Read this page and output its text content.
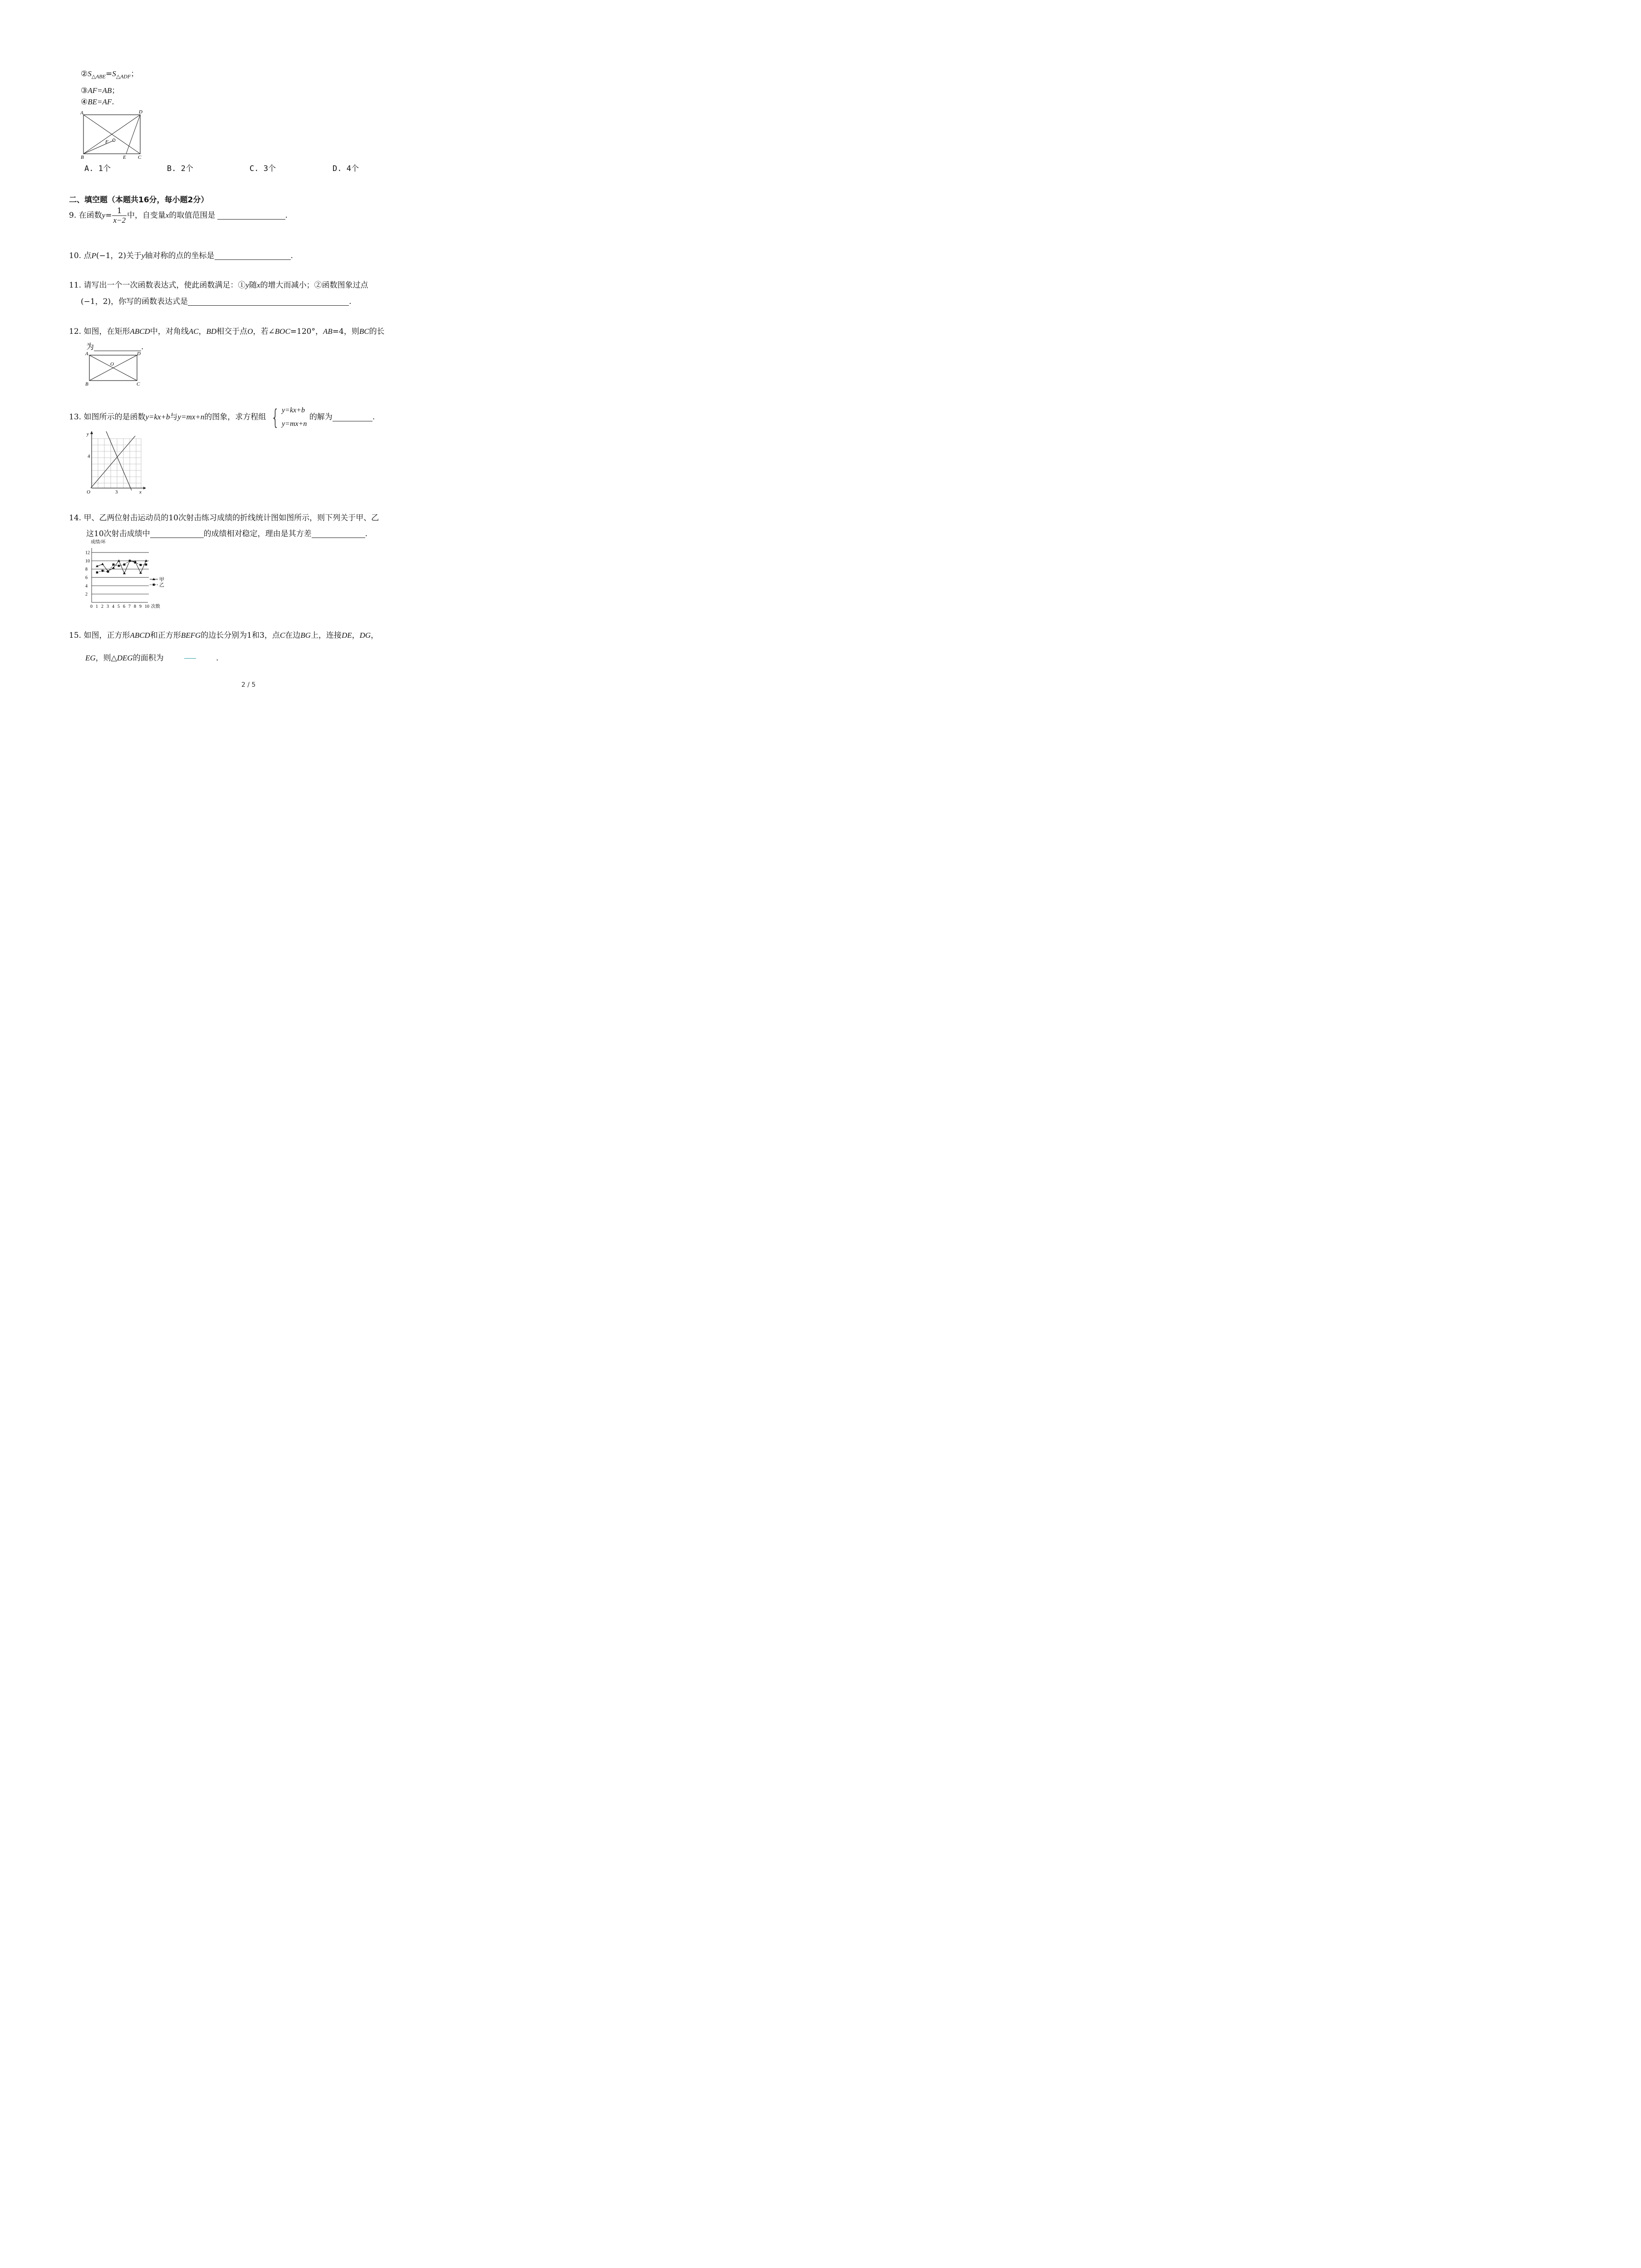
$②S_{\triangle ABE}=S_{\triangle ADF}$；
③AF=AB；
④BE=AF.
A	D
F
B	E C
A. 1个	B. 2个	C. 3个	D. 4个
二、填空题（本题共16分，每小题2分）
9. 在函数$y= \frac{1}{x-2}$ 中，自变量x的取值范围是	.
10. 点P(−1，2)关于y轴对称的点的坐标是	.
11. 请写出一个一次函数表达式，使此函数满足：①y随x的增大而减小；②函数图象过点
(−1，2)，你写的函数表达式是	.
12. 如图，在矩形ABCD中，对角线AC，BD相交于点O，若∠BOC=120°，AB=4，则BC的长
为	.
A	D
O
B	C
13. 如图所示的是函数y=kx+b与y=mx+n的图象，求方程组 { y=kx+b
y=mx+n
的解为	.
y
x
O
4
3
14. 甲、乙两位射击运动员的10次射击练习成绩的折线统计图如图所示，则下列关于甲、乙
这10次射击成绩中	的成绩相对稳定，理由是其方差	.
成绩/环
2
4
6
8
10
12
0 1 2 3 4 5 6 7 8 9 10
甲
乙
次数
15. 如图，正方形ABCD和正方形BEFG的边长分别为1和3，点C在边BG上，连接DE，DG，
EG，则△DEG的面积为	.
2 / 5
